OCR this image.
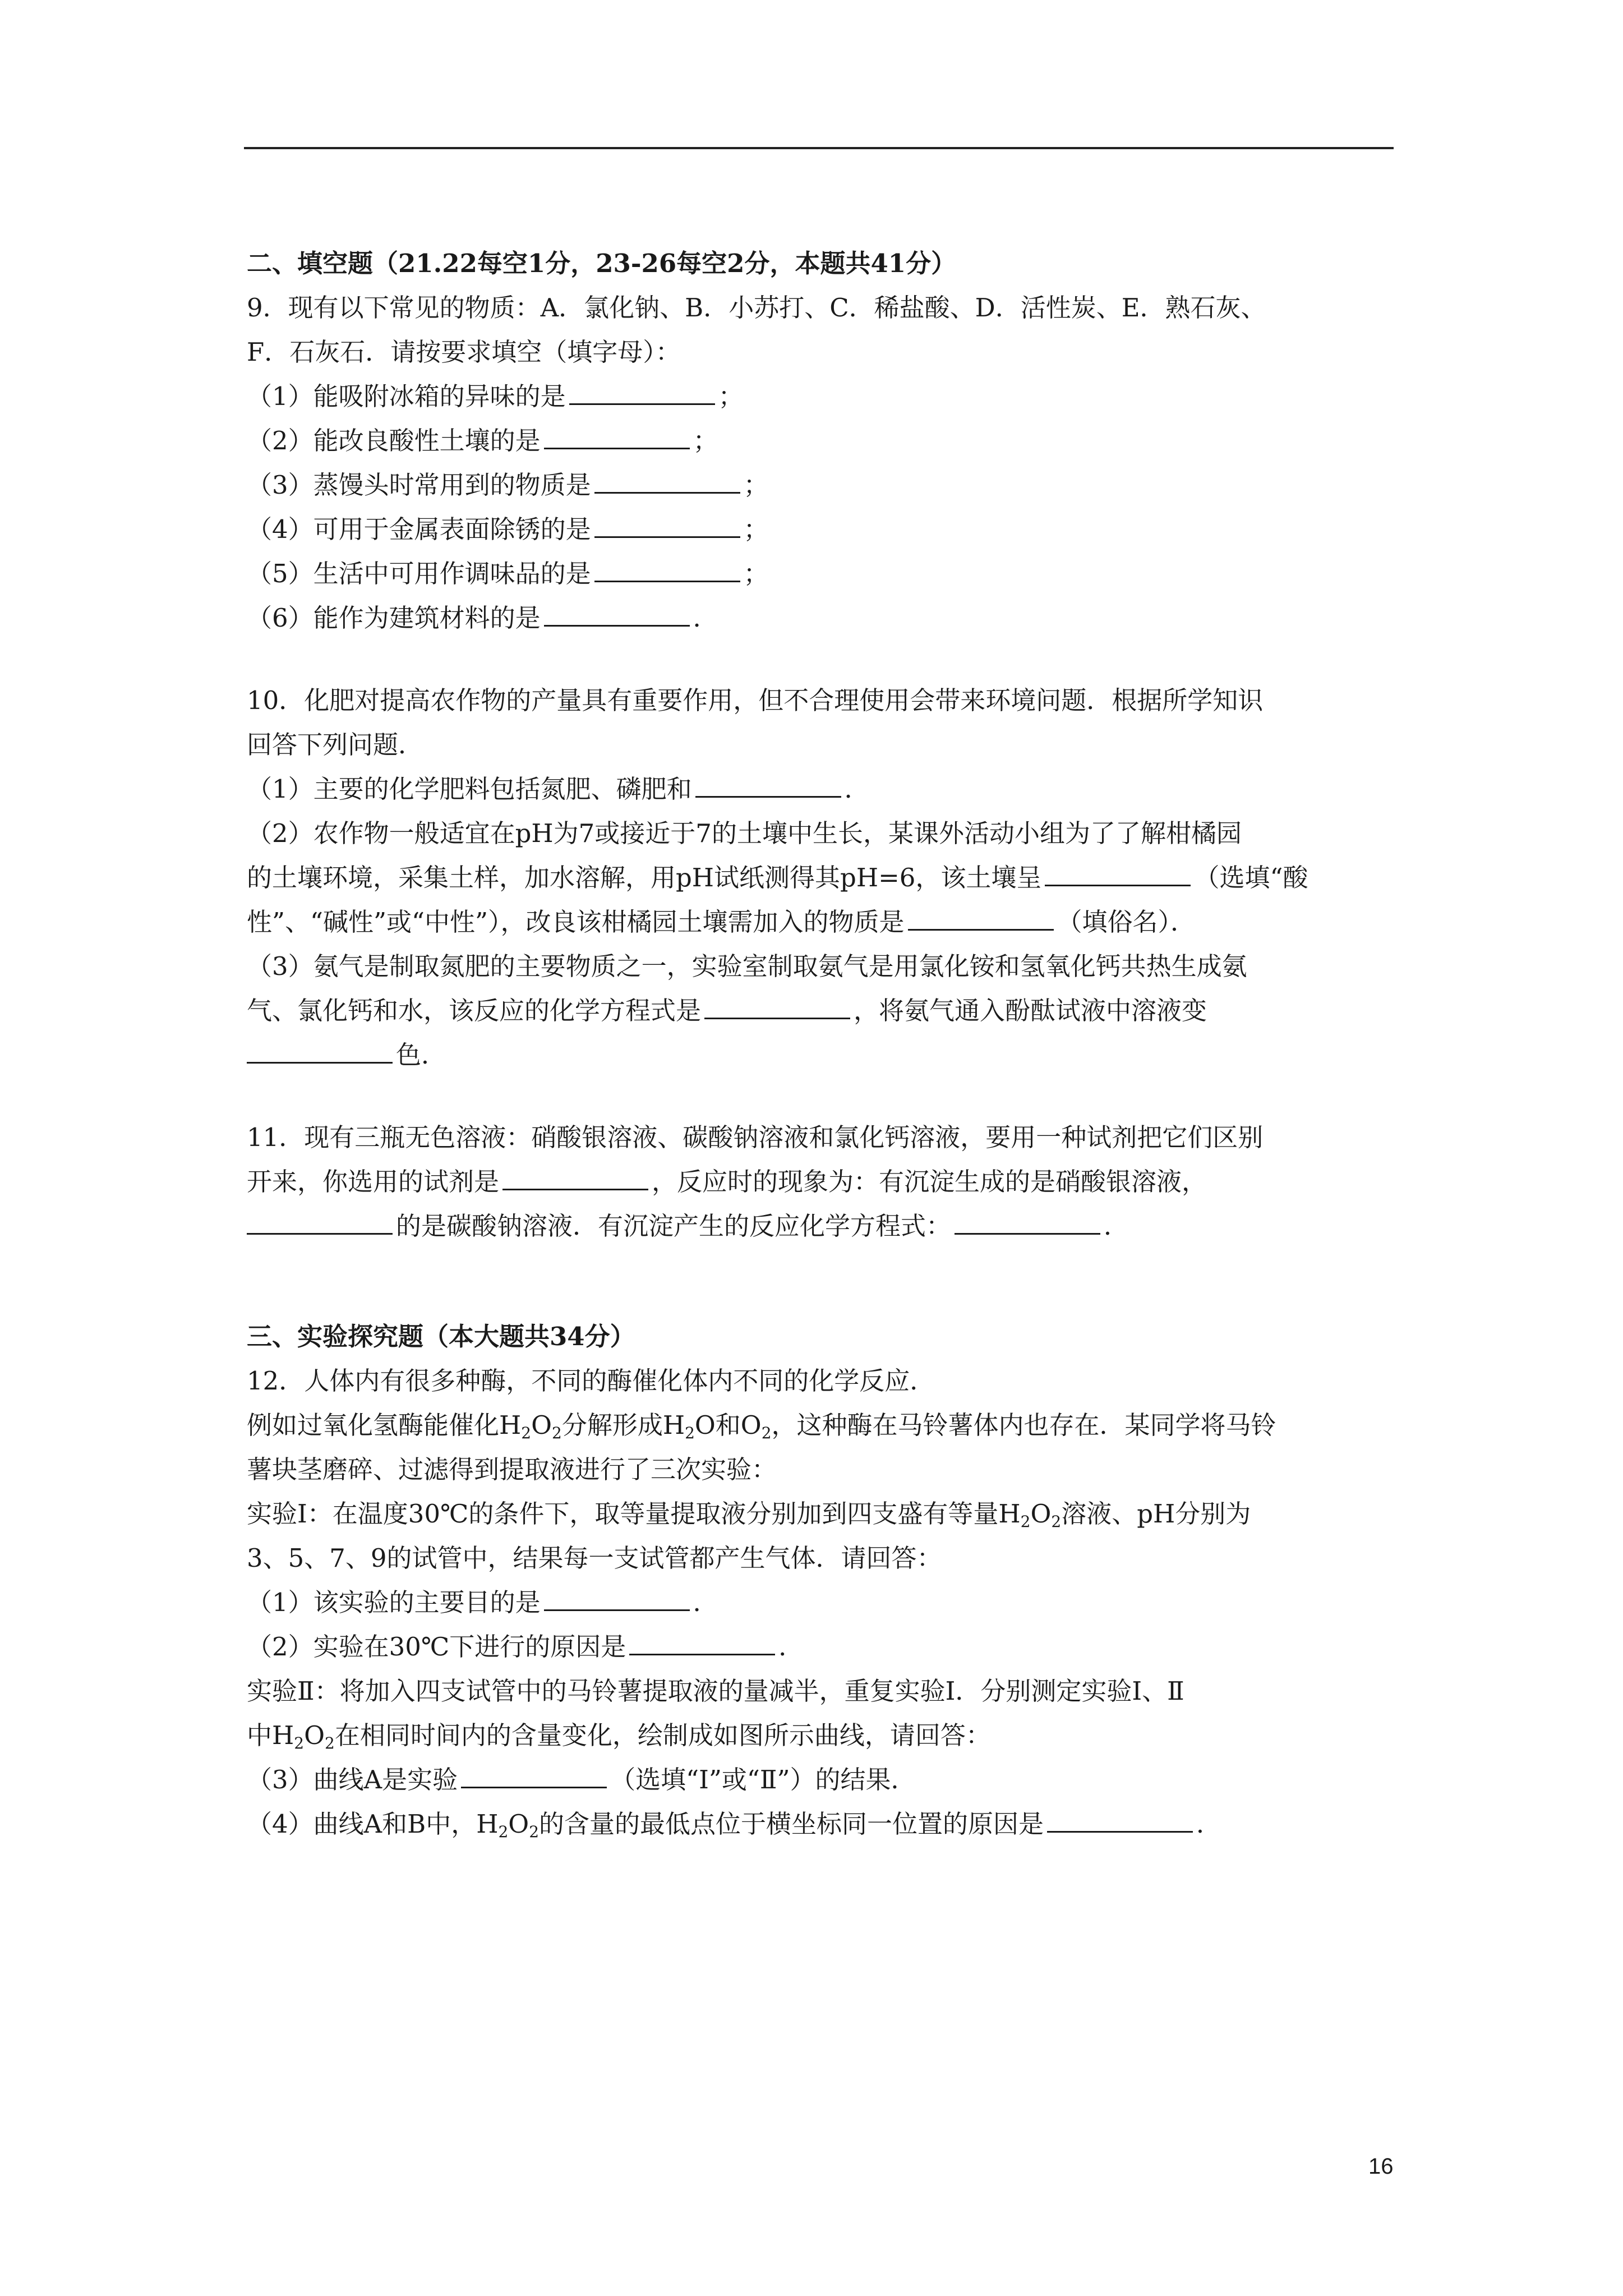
二、填空题（21.22每空1分，23-26每空2分，本题共41分）
9．现有以下常见的物质：A．氯化钠、B．小苏打、C．稀盐酸、D．活性炭、E．熟石灰、
F．石灰石．请按要求填空（填字母）：
（1）能吸附冰箱的异味的是	；
（2）能改良酸性土壤的是	；
（3）蒸馒头时常用到的物质是	；
（4）可用于金属表面除锈的是	；
（5）生活中可用作调味品的是	；
（6）能作为建筑材料的是	．
10．化肥对提高农作物的产量具有重要作用，但不合理使用会带来环境问题．根据所学知识
回答下列问题．
（1）主要的化学肥料包括氮肥、磷肥和	．
（2）农作物一般适宜在pH为7或接近于7的土壤中生长，某课外活动小组为了了解柑橘园
的土壤环境，采集土样，加水溶解，用pH试纸测得其pH=6，该土壤呈	（选填“酸
性”、“碱性”或“中性”），改良该柑橘园土壤需加入的物质是	（填俗名）．
（3）氨气是制取氮肥的主要物质之一，实验室制取氨气是用氯化铵和氢氧化钙共热生成氨
气、氯化钙和水，该反应的化学方程式是	，将氨气通入酚酞试液中溶液变
色．
11．现有三瓶无色溶液：硝酸银溶液、碳酸钠溶液和氯化钙溶液，要用一种试剂把它们区别
开来，你选用的试剂是	，反应时的现象为：有沉淀生成的是硝酸银溶液，
的是碳酸钠溶液．有沉淀产生的反应化学方程式：	．
三、实验探究题（本大题共34分）
12．人体内有很多种酶，不同的酶催化体内不同的化学反应．
例如过氧化氢酶能催化$H_2O_2$分解形成$H_2O$和$O_2$，这种酶在马铃薯体内也存在．某同学将马铃
薯块茎磨碎、过滤得到提取液进行了三次实验：
实验Ⅰ：在温度30℃的条件下，取等量提取液分别加到四支盛有等量$H_2O_2$溶液、pH分别为
3、5、7、9的试管中，结果每一支试管都产生气体．请回答：
（1）该实验的主要目的是	．
（2）实验在30℃下进行的原因是	．
实验Ⅱ：将加入四支试管中的马铃薯提取液的量减半，重复实验Ⅰ．分别测定实验Ⅰ、Ⅱ
中$H_2O_2$在相同时间内的含量变化，绘制成如图所示曲线，请回答：
（3）曲线A是实验	（选填“Ⅰ”或“Ⅱ”）的结果．
（4）曲线A和B中，$H_2O_2$的含量的最低点位于横坐标同一位置的原因是	．
16
